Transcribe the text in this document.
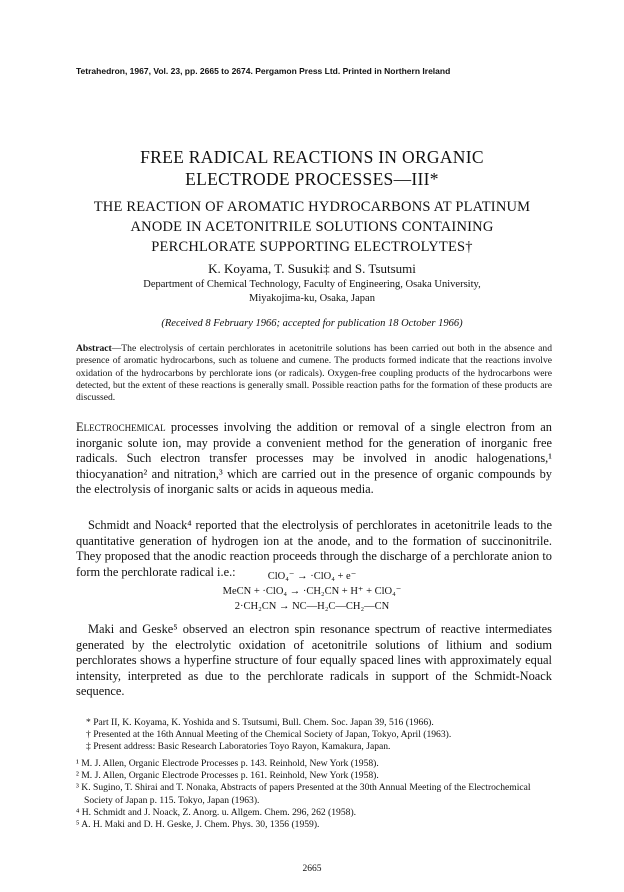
Tetrahedron, 1967, Vol. 23, pp. 2665 to 2674. Pergamon Press Ltd. Printed in Northern Ireland
FREE RADICAL REACTIONS IN ORGANIC
ELECTRODE PROCESSES—III*
THE REACTION OF AROMATIC HYDROCARBONS AT PLATINUM
ANODE IN ACETONITRILE SOLUTIONS CONTAINING
PERCHLORATE SUPPORTING ELECTROLYTES†
K. Koyama, T. Susuki‡ and S. Tsutsumi
Department of Chemical Technology, Faculty of Engineering, Osaka University,
Miyakojima-ku, Osaka, Japan
(Received 8 February 1966; accepted for publication 18 October 1966)
Abstract—The electrolysis of certain perchlorates in acetonitrile solutions has been carried out both in the absence and presence of aromatic hydrocarbons, such as toluene and cumene. The products formed indicate that the reactions involve oxidation of the hydrocarbons by perchlorate ions (or radicals). Oxygen-free coupling products of the hydrocarbons were detected, but the extent of these reactions is generally small. Possible reaction paths for the formation of these products are discussed.
Electrochemical processes involving the addition or removal of a single electron from an inorganic solute ion, may provide a convenient method for the generation of inorganic free radicals. Such electron transfer processes may be involved in anodic halogenations,¹ thiocyanation² and nitration,³ which are carried out in the presence of organic compounds by the electrolysis of inorganic salts or acids in aqueous media.
Schmidt and Noack⁴ reported that the electrolysis of perchlorates in acetonitrile leads to the quantitative generation of hydrogen ion at the anode, and to the formation of succinonitrile. They proposed that the anodic reaction proceeds through the discharge of a perchlorate anion to form the perchlorate radical i.e.:	ClO₄⁻ → ·ClO₄ + e⁻
MeCN + ·ClO₄ → ·CH₂CN + H⁺ + ClO₄⁻
2·CH₂CN → NC—H₂C—CH₂—CN
Maki and Geske⁵ observed an electron spin resonance spectrum of reactive intermediates generated by the electrolytic oxidation of acetonitrile solutions of lithium and sodium perchlorates shows a hyperfine structure of four equally spaced lines with approximately equal intensity, interpreted as due to the perchlorate radicals in support of the Schmidt-Noack sequence.

* Part II, K. Koyama, K. Yoshida and S. Tsutsumi, Bull. Chem. Soc. Japan 39, 516 (1966).

† Presented at the 16th Annual Meeting of the Chemical Society of Japan, Tokyo, April (1963).

‡ Present address: Basic Research Laboratories Toyo Rayon, Kamakura, Japan.

¹ M. J. Allen, Organic Electrode Processes p. 143. Reinhold, New York (1958).

² M. J. Allen, Organic Electrode Processes p. 161. Reinhold, New York (1958).

³ K. Sugino, T. Shirai and T. Nonaka, Abstracts of papers Presented at the 30th Annual Meeting of the Electrochemical Society of Japan p. 115. Tokyo, Japan (1963).

⁴ H. Schmidt and J. Noack, Z. Anorg. u. Allgem. Chem. 296, 262 (1958).

⁵ A. H. Maki and D. H. Geske, J. Chem. Phys. 30, 1356 (1959).

2665
